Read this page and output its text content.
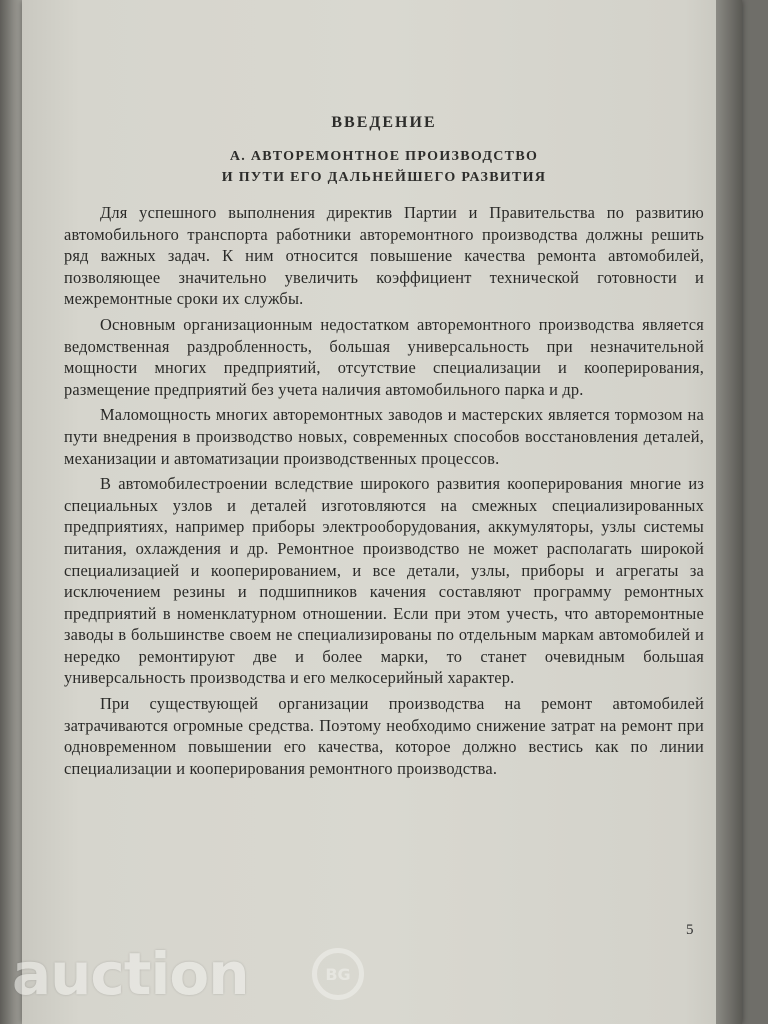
ВВЕДЕНИЕ
А. АВТОРЕМОНТНОЕ ПРОИЗВОДСТВО
И ПУТИ ЕГО ДАЛЬНЕЙШЕГО РАЗВИТИЯ

Для успешного выполнения директив Партии и Правительства по развитию автомобильного транспорта работники авторемонтного производства должны решить ряд важных задач. К ним относится повышение качества ремонта автомобилей, позволяющее значительно увеличить коэффициент технической готовности и межремонтные сроки их службы.

Основным организационным недостатком авторемонтного производства является ведомственная раздробленность, большая универсальность при незначительной мощности многих предприятий, отсутствие специализации и кооперирования, размещение предприятий без учета наличия автомобильного парка и др.

Маломощность многих авторемонтных заводов и мастерских является тормозом на пути внедрения в производство новых, современных способов восстановления деталей, механизации и автоматизации производственных процессов.

В автомобилестроении вследствие широкого развития кооперирования многие из специальных узлов и деталей изготовляются на смежных специализированных предприятиях, например приборы электрооборудования, аккумуляторы, узлы системы питания, охлаждения и др. Ремонтное производство не может располагать широкой специализацией и кооперированием, и все детали, узлы, приборы и агрегаты за исключением резины и подшипников качения составляют программу ремонтных предприятий в номенклатурном отношении. Если при этом учесть, что авторемонтные заводы в большинстве своем не специализированы по отдельным маркам автомобилей и нередко ремонтируют две и более марки, то станет очевидным большая универсальность производства и его мелкосерийный характер.

При существующей организации производства на ремонт автомобилей затрачиваются огромные средства. Поэтому необходимо снижение затрат на ремонт при одновременном повышении его качества, которое должно вестись как по линии специализации и кооперирования ремонтного производства.

5
auction	BG
